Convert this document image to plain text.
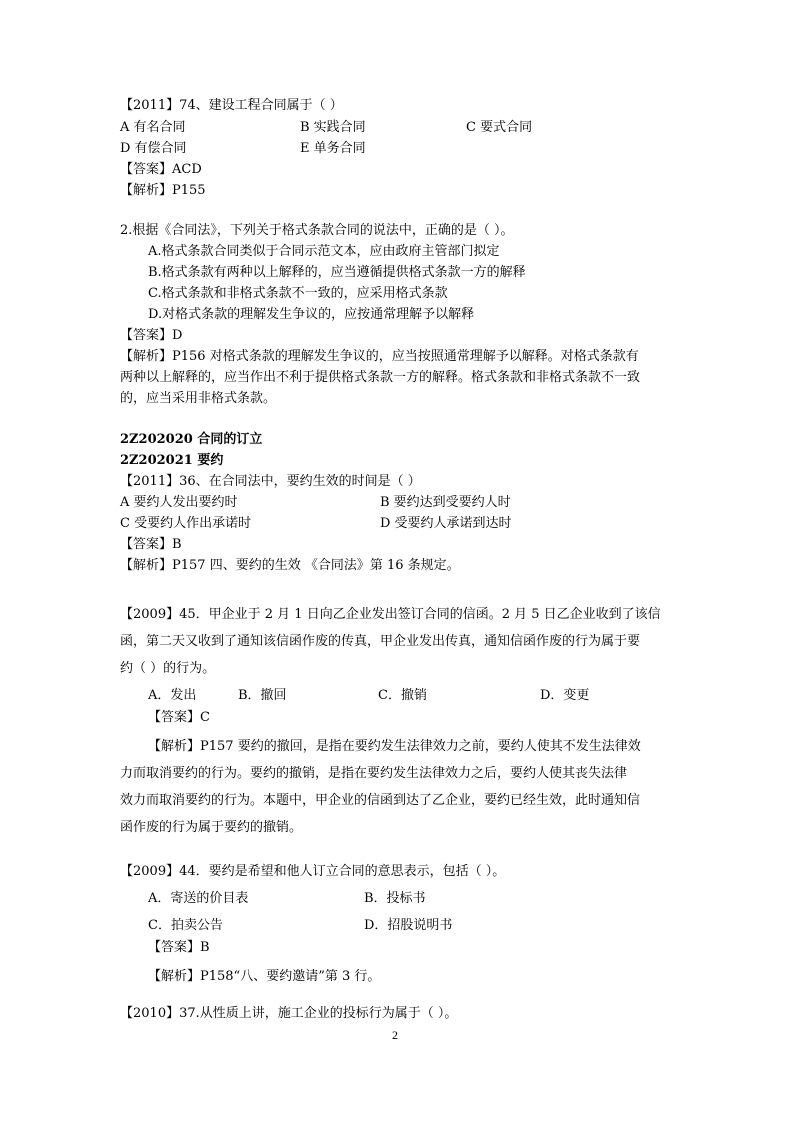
【2011】74、建设工程合同属于（ ）
A 有名合同	B 实践合同	C 要式合同
D 有偿合同	E 单务合同
【答案】ACD
【解析】P155
2.根据《合同法》，下列关于格式条款合同的说法中，正确的是（ ）。
A.格式条款合同类似于合同示范文本，应由政府主管部门拟定
B.格式条款有两种以上解释的，应当遵循提供格式条款一方的解释
C.格式条款和非格式条款不一致的，应采用格式条款
D.对格式条款的理解发生争议的，应按通常理解予以解释
【答案】D
【解析】P156 对格式条款的理解发生争议的，应当按照通常理解予以解释。对格式条款有
两种以上解释的，应当作出不利于提供格式条款一方的解释。格式条款和非格式条款不一致
的，应当采用非格式条款。
2Z202020 合同的订立
2Z202021 要约
【2011】36、在合同法中，要约生效的时间是（ ）
A 要约人发出要约时	B 要约达到受要约人时
C 受要约人作出承诺时	D 受要约人承诺到达时
【答案】B
【解析】P157 四、要约的生效 《合同法》第 16 条规定。
【2009】45．甲企业于 2 月 1 日向乙企业发出签订合同的信函。2 月 5 日乙企业收到了该信
函，第二天又收到了通知该信函作废的传真，甲企业发出传真，通知信函作废的行为属于要
约（ ）的行为。
A．发出	B．撤回	C．撤销	D．变更
【答案】C
【解析】P157 要约的撤回，是指在要约发生法律效力之前，要约人使其不发生法律效
力而取消要约的行为。要约的撤销，是指在要约发生法律效力之后，要约人使其丧失法律
效力而取消要约的行为。本题中，甲企业的信函到达了乙企业，要约已经生效，此时通知信
函作废的行为属于要约的撤销。
【2009】44．要约是希望和他人订立合同的意思表示，包括（ ）。
A．寄送的价目表	B．投标书
C．拍卖公告	D．招股说明书
【答案】B
【解析】P158“八、要约邀请”第 3 行。
【2010】37.从性质上讲，施工企业的投标行为属于（ ）。
2
